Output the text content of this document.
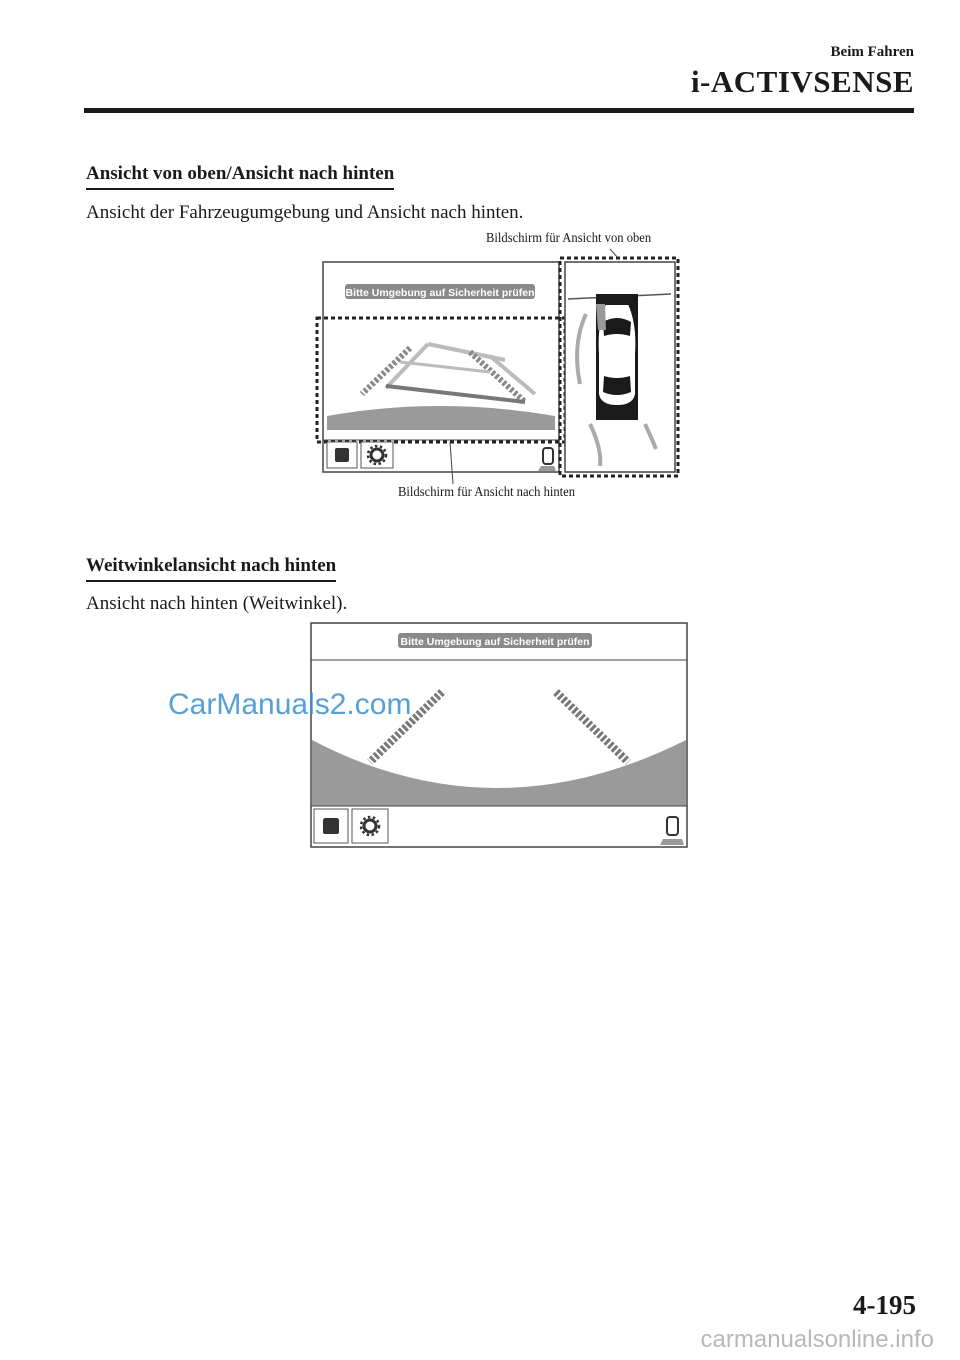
Beim Fahren
i-ACTIVSENSE
Ansicht von oben/Ansicht nach hinten
Ansicht der Fahrzeugumgebung und Ansicht nach hinten.
Bildschirm für Ansicht von oben
Bildschirm für Ansicht nach hinten
Bitte Umgebung auf Sicherheit prüfen
Weitwinkelansicht nach hinten
Ansicht nach hinten (Weitwinkel).
Bitte Umgebung auf Sicherheit prüfen
CarManuals2.com
4-195
carmanualsonline.info
